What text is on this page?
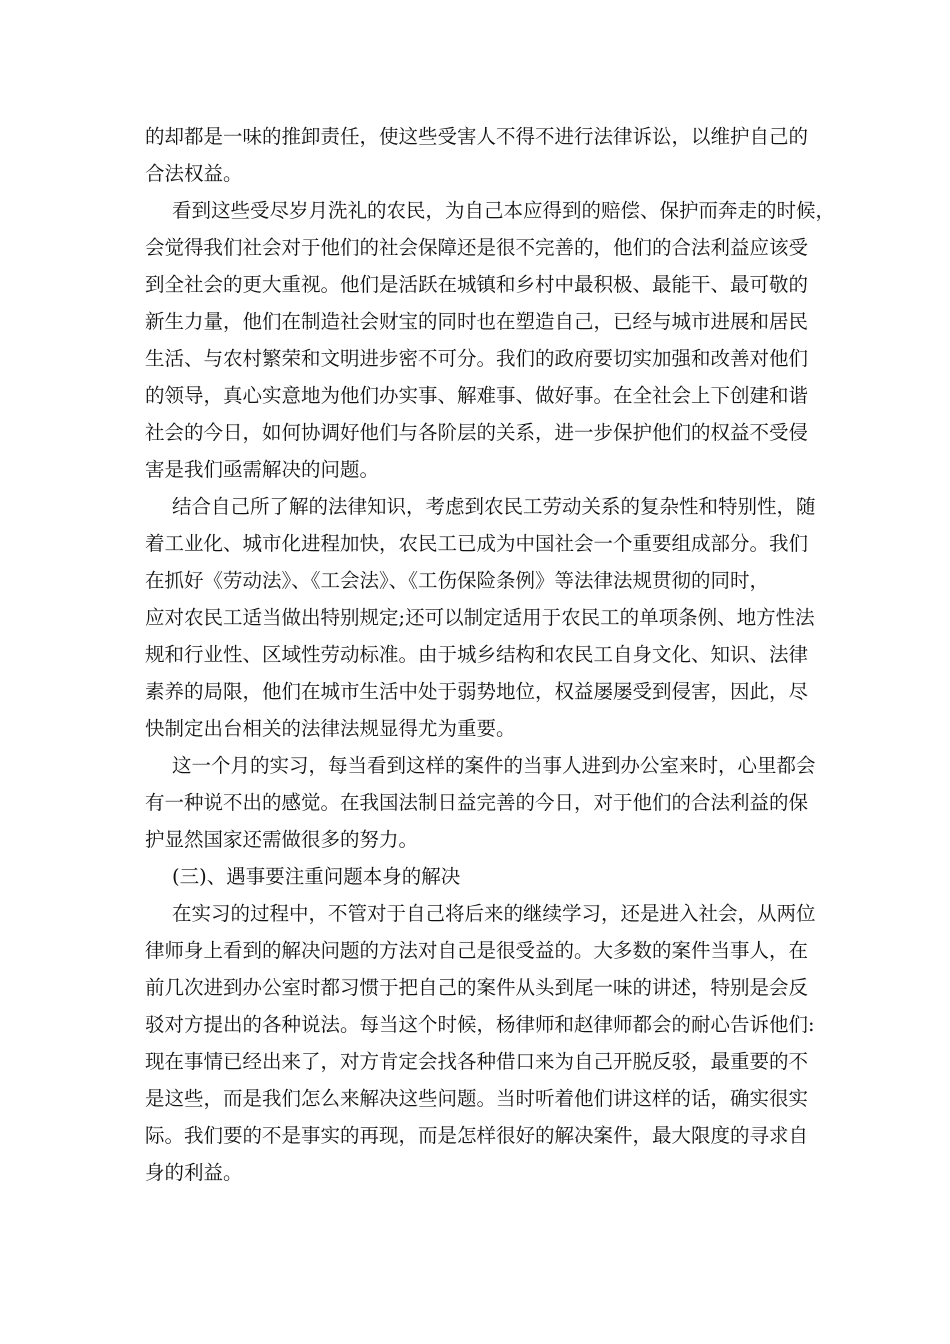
的却都是一味的推卸责任，使这些受害人不得不进行法律诉讼，以维护自己的
合法权益。
看到这些受尽岁月洗礼的农民，为自己本应得到的赔偿、保护而奔走的时候，
会觉得我们社会对于他们的社会保障还是很不完善的，他们的合法利益应该受
到全社会的更大重视。他们是活跃在城镇和乡村中最积极、最能干、最可敬的
新生力量，他们在制造社会财宝的同时也在塑造自己，已经与城市进展和居民
生活、与农村繁荣和文明进步密不可分。我们的政府要切实加强和改善对他们
的领导，真心实意地为他们办实事、解难事、做好事。在全社会上下创建和谐
社会的今日，如何协调好他们与各阶层的关系，进一步保护他们的权益不受侵
害是我们亟需解决的问题。
结合自己所了解的法律知识，考虑到农民工劳动关系的复杂性和特别性，随
着工业化、城市化进程加快，农民工已成为中国社会一个重要组成部分。我们
在抓好《劳动法》、《工会法》、《工伤保险条例》等法律法规贯彻的同时，
应对农民工适当做出特别规定;还可以制定适用于农民工的单项条例、地方性法
规和行业性、区域性劳动标准。由于城乡结构和农民工自身文化、知识、法律
素养的局限，他们在城市生活中处于弱势地位，权益屡屡受到侵害，因此，尽
快制定出台相关的法律法规显得尤为重要。
这一个月的实习，每当看到这样的案件的当事人进到办公室来时，心里都会
有一种说不出的感觉。在我国法制日益完善的今日，对于他们的合法利益的保
护显然国家还需做很多的努力。
(三)、遇事要注重问题本身的解决
在实习的过程中，不管对于自己将后来的继续学习，还是进入社会，从两位
律师身上看到的解决问题的方法对自己是很受益的。大多数的案件当事人，在
前几次进到办公室时都习惯于把自己的案件从头到尾一味的讲述，特别是会反
驳对方提出的各种说法。每当这个时候，杨律师和赵律师都会的耐心告诉他们:
现在事情已经出来了，对方肯定会找各种借口来为自己开脱反驳，最重要的不
是这些，而是我们怎么来解决这些问题。当时听着他们讲这样的话，确实很实
际。我们要的不是事实的再现，而是怎样很好的解决案件，最大限度的寻求自
身的利益。
